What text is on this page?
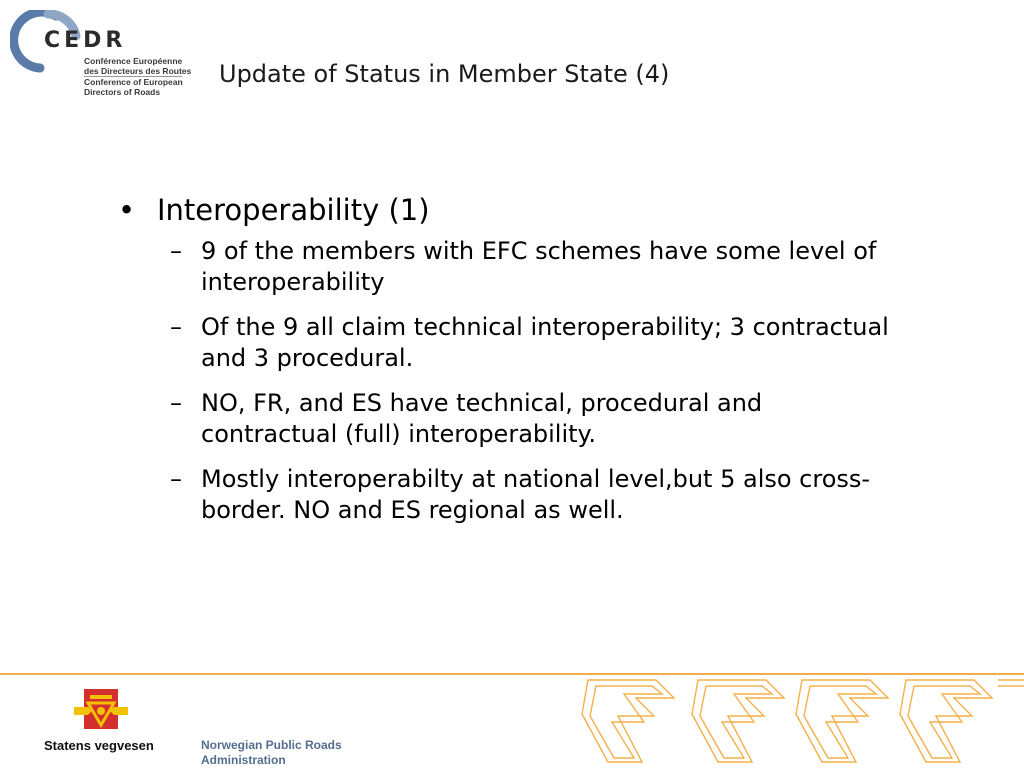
CEDR
Conférence Européenne
des Directeurs des Routes
Conference of European
Directors of Roads
Update of Status in Member State (4)
• Interoperability (1)
– 9 of the members with EFC schemes have some level of interoperability
– Of the 9 all claim technical interoperability; 3 contractual and 3 procedural.
– NO, FR, and ES have technical, procedural and contractual (full) interoperability.
– Mostly interoperabilty at national level,but 5 also cross-border. NO and ES regional as well.
Statens vegvesen	Norwegian Public Roads
Administration
